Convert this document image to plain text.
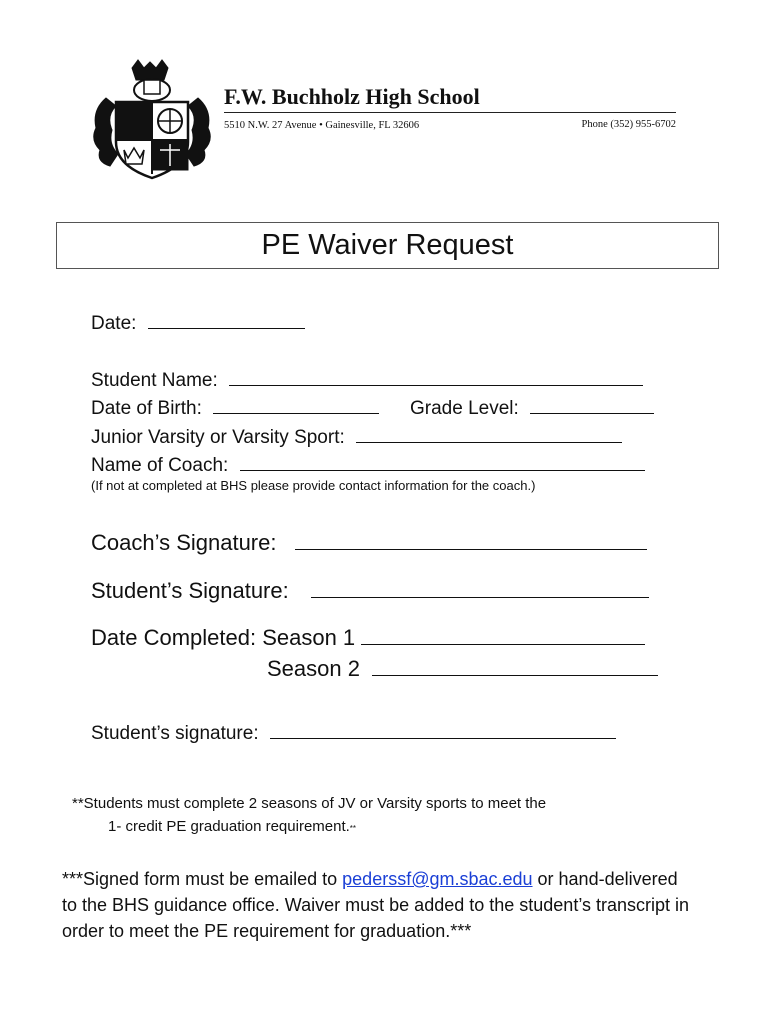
F.W. Buchholz High School
5510 N.W. 27 Avenue • Gainesville, FL 32606	Phone (352) 955-6702
PE Waiver Request
Date:
Student Name:
Date of Birth:	Grade Level:
Junior Varsity or Varsity Sport:
Name of Coach:
(If not at completed at BHS please provide contact information for the coach.)
Coach’s Signature:
Student’s Signature:
Date Completed: Season 1
Season 2
Student’s signature:
**Students must complete 2 seasons of JV or Varsity sports to meet the
1- credit PE graduation requirement.**
***Signed form must be emailed to pederssf@gm.sbac.edu or hand-delivered
to the BHS guidance office. Waiver must be added to the student’s transcript in
order to meet the PE requirement for graduation.***
